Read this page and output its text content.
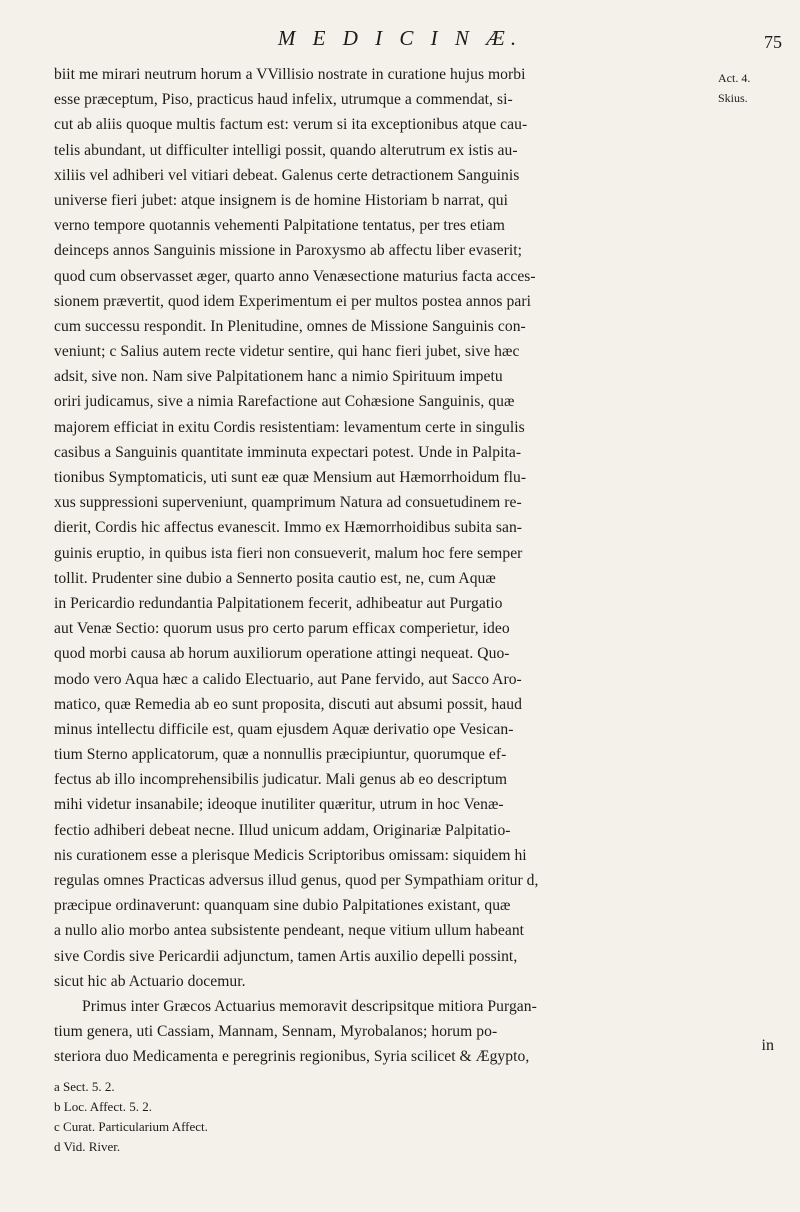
M E D I C I N Æ.	75
Act. 4.
Skius.
biit me mirari neutrum horum a VVillisio nostrate in curatione hujus morbi
esse præceptum, Piso, practicus haud infelix, utrumque a commendat, si-
cut ab aliis quoque multis factum est: verum si ita exceptionibus atque cau-
telis abundant, ut difficulter intelligi possit, quando alterutrum ex istis au-
xiliis vel adhiberi vel vitiari debeat. Galenus certe detractionem Sanguinis
universe fieri jubet: atque insignem is de homine Historiam b narrat, qui
verno tempore quotannis vehementi Palpitatione tentatus, per tres etiam
deinceps annos Sanguinis missione in Paroxysmo ab affectu liber evaserit;
quod cum observasset æger, quarto anno Venæsectione maturius facta acces-
sionem prævertit, quod idem Experimentum ei per multos postea annos pari
cum successu respondit. In Plenitudine, omnes de Missione Sanguinis con-
veniunt; c Salius autem recte videtur sentire, qui hanc fieri jubet, sive hæc
adsit, sive non. Nam sive Palpitationem hanc a nimio Spirituum impetu
oriri judicamus, sive a nimia Rarefactione aut Cohæsione Sanguinis, quæ
majorem efficiat in exitu Cordis resistentiam: levamentum certe in singulis
casibus a Sanguinis quantitate imminuta expectari potest. Unde in Palpita-
tionibus Symptomaticis, uti sunt eæ quæ Mensium aut Hæmorrhoidum flu-
xus suppressioni superveniunt, quamprimum Natura ad consuetudinem re-
dierit, Cordis hic affectus evanescit. Immo ex Hæmorrhoidibus subita san-
guinis eruptio, in quibus ista fieri non consueverit, malum hoc fere semper
tollit. Prudenter sine dubio a Sennerto posita cautio est, ne, cum Aquæ
in Pericardio redundantia Palpitationem fecerit, adhibeatur aut Purgatio
aut Venæ Sectio: quorum usus pro certo parum efficax comperietur, ideo
quod morbi causa ab horum auxiliorum operatione attingi nequeat. Quo-
modo vero Aqua hæc a calido Electuario, aut Pane fervido, aut Sacco Aro-
matico, quæ Remedia ab eo sunt proposita, discuti aut absumi possit, haud
minus intellectu difficile est, quam ejusdem Aquæ derivatio ope Vesican-
tium Sterno applicatorum, quæ a nonnullis præcipiuntur, quorumque ef-
fectus ab illo incomprehensibilis judicatur. Mali genus ab eo descriptum
mihi videtur insanabile; ideoque inutiliter quæritur, utrum in hoc Venæ-
fectio adhiberi debeat necne. Illud unicum addam, Originariæ Palpitatio-
nis curationem esse a plerisque Medicis Scriptoribus omissam: siquidem hi
regulas omnes Practicas adversus illud genus, quod per Sympathiam oritur d,
præcipue ordinaverunt: quanquam sine dubio Palpitationes existant, quæ
a nullo alio morbo antea subsistente pendeant, neque vitium ullum habeant
sive Cordis sive Pericardii adjunctum, tamen Artis auxilio depelli possint,
sicut hic ab Actuario docemur.
Primus inter Græcos Actuarius memoravit descripsitque mitiora Purgan-
tium genera, uti Cassiam, Mannam, Sennam, Myrobalanos; horum po-
steriora duo Medicamenta e peregrinis regionibus, Syria scilicet & Ægypto,
in
a Sect. 5. 2.
b Loc. Affect. 5. 2.
c Curat. Particularium Affect.
d Vid. River.
